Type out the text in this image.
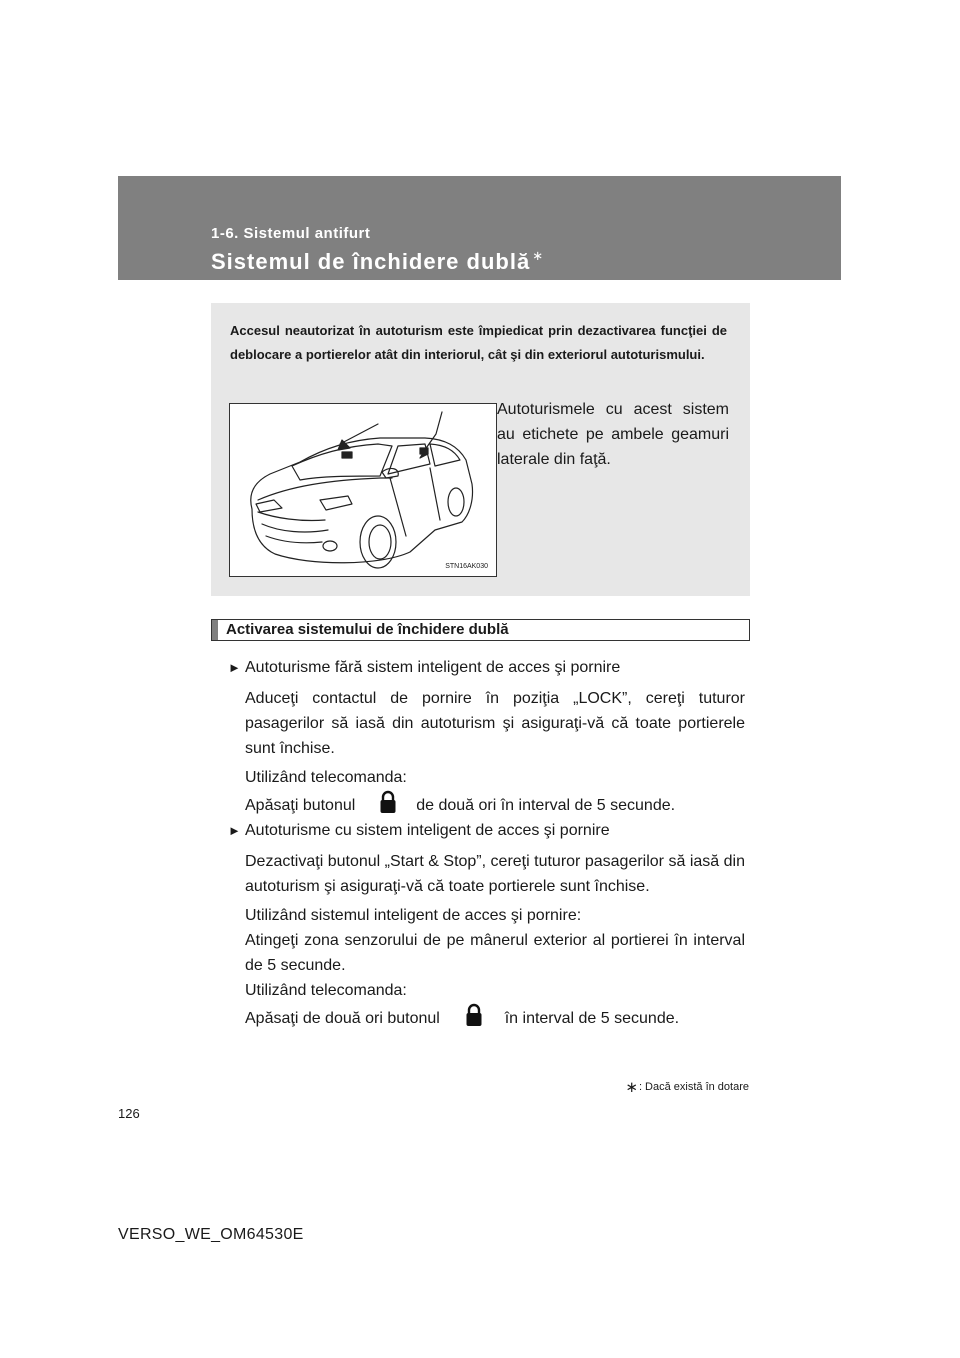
1-6. Sistemul antifurt
Sistemul de închidere dublă ∗
Accesul neautorizat în autoturism este împiedicat prin dezactivarea funcţiei de deblocare a portierelor atât din interiorul, cât şi din exteriorul autoturismului.
STN16AK030
Autoturismele cu acest sistem au etichete pe ambele geamuri laterale din faţă.
Activarea sistemului de închidere dublă
► Autoturisme fără sistem inteligent de acces şi pornire
Aduceţi contactul de pornire în poziţia „LOCK”, cereţi tuturor pasagerilor să iasă din autoturism şi asiguraţi-vă că toate portierele sunt închise.
Utilizând telecomanda:
Apăsaţi butonul	de două ori în interval de 5 secunde.
► Autoturisme cu sistem inteligent de acces şi pornire
Dezactivaţi butonul „Start & Stop”, cereţi tuturor pasagerilor să iasă din autoturism şi asiguraţi-vă că toate portierele sunt închise.
Utilizând sistemul inteligent de acces şi pornire:
Atingeţi zona senzorului de pe mânerul exterior al portierei în interval de 5 secunde.
Utilizând telecomanda:
Apăsaţi de două ori butonul	în interval de 5 secunde.
∗: Dacă există în dotare
126
VERSO_WE_OM64530E
